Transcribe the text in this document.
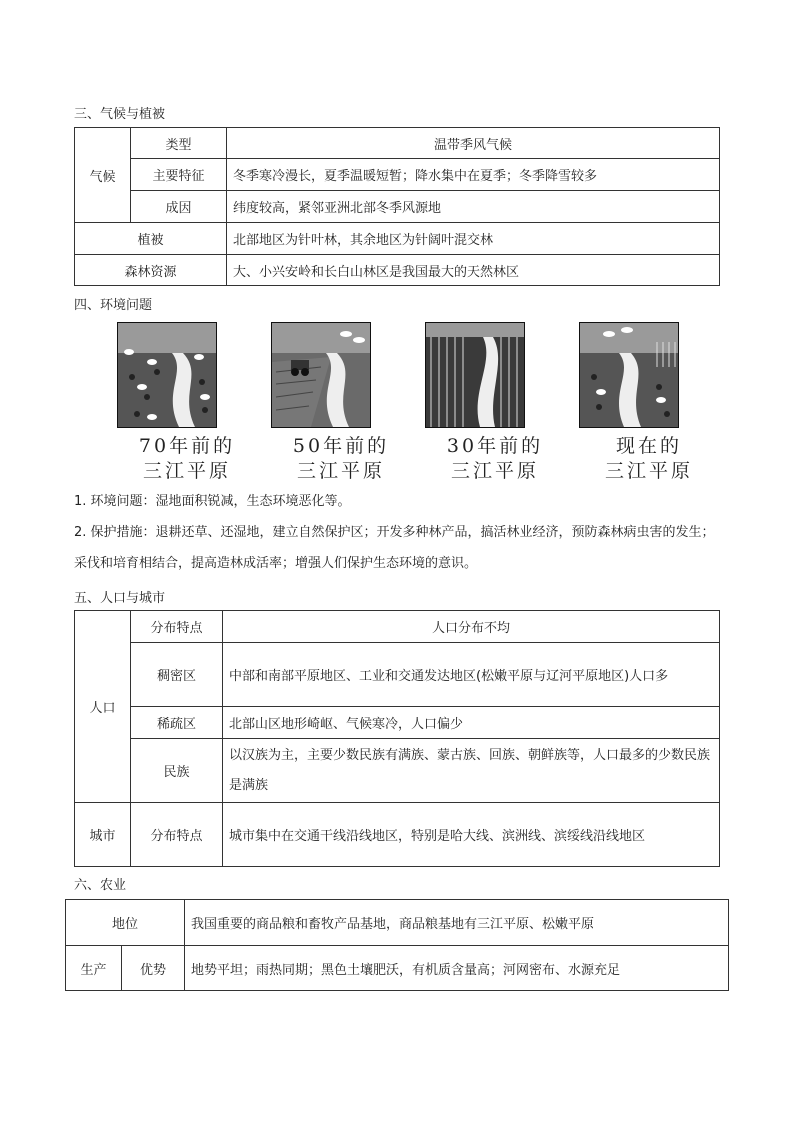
三、气候与植被
气候	类型	温带季风气候
	主要特征	冬季寒冷漫长，夏季温暖短暂；降水集中在夏季；冬季降雪较多
	成因	纬度较高，紧邻亚洲北部冬季风源地
植被		北部地区为针叶林，其余地区为针阔叶混交林
森林资源		大、小兴安岭和长白山林区是我国最大的天然林区
四、环境问题
70年前的
三江平原
50年前的
三江平原
30年前的
三江平原
现在的
三江平原
1. 环境问题：湿地面积锐减，生态环境恶化等。
2. 保护措施：退耕还草、还湿地，建立自然保护区；开发多种林产品，搞活林业经济，预防森林病虫害的发生；采伐和培育相结合，提高造林成活率；增强人们保护生态环境的意识。
五、人口与城市
人口	分布特点	人口分布不均
	稠密区	中部和南部平原地区、工业和交通发达地区(松嫩平原与辽河平原地区)人口多
	稀疏区	北部山区地形崎岖、气候寒冷，人口偏少
	民族	以汉族为主，主要少数民族有满族、蒙古族、回族、朝鲜族等，人口最多的少数民族是满族
城市	分布特点	城市集中在交通干线沿线地区，特别是哈大线、滨洲线、滨绥线沿线地区
六、农业
地位		我国重要的商品粮和畜牧产品基地，商品粮基地有三江平原、松嫩平原
生产	优势	地势平坦；雨热同期；黑色土壤肥沃，有机质含量高；河网密布、水源充足
